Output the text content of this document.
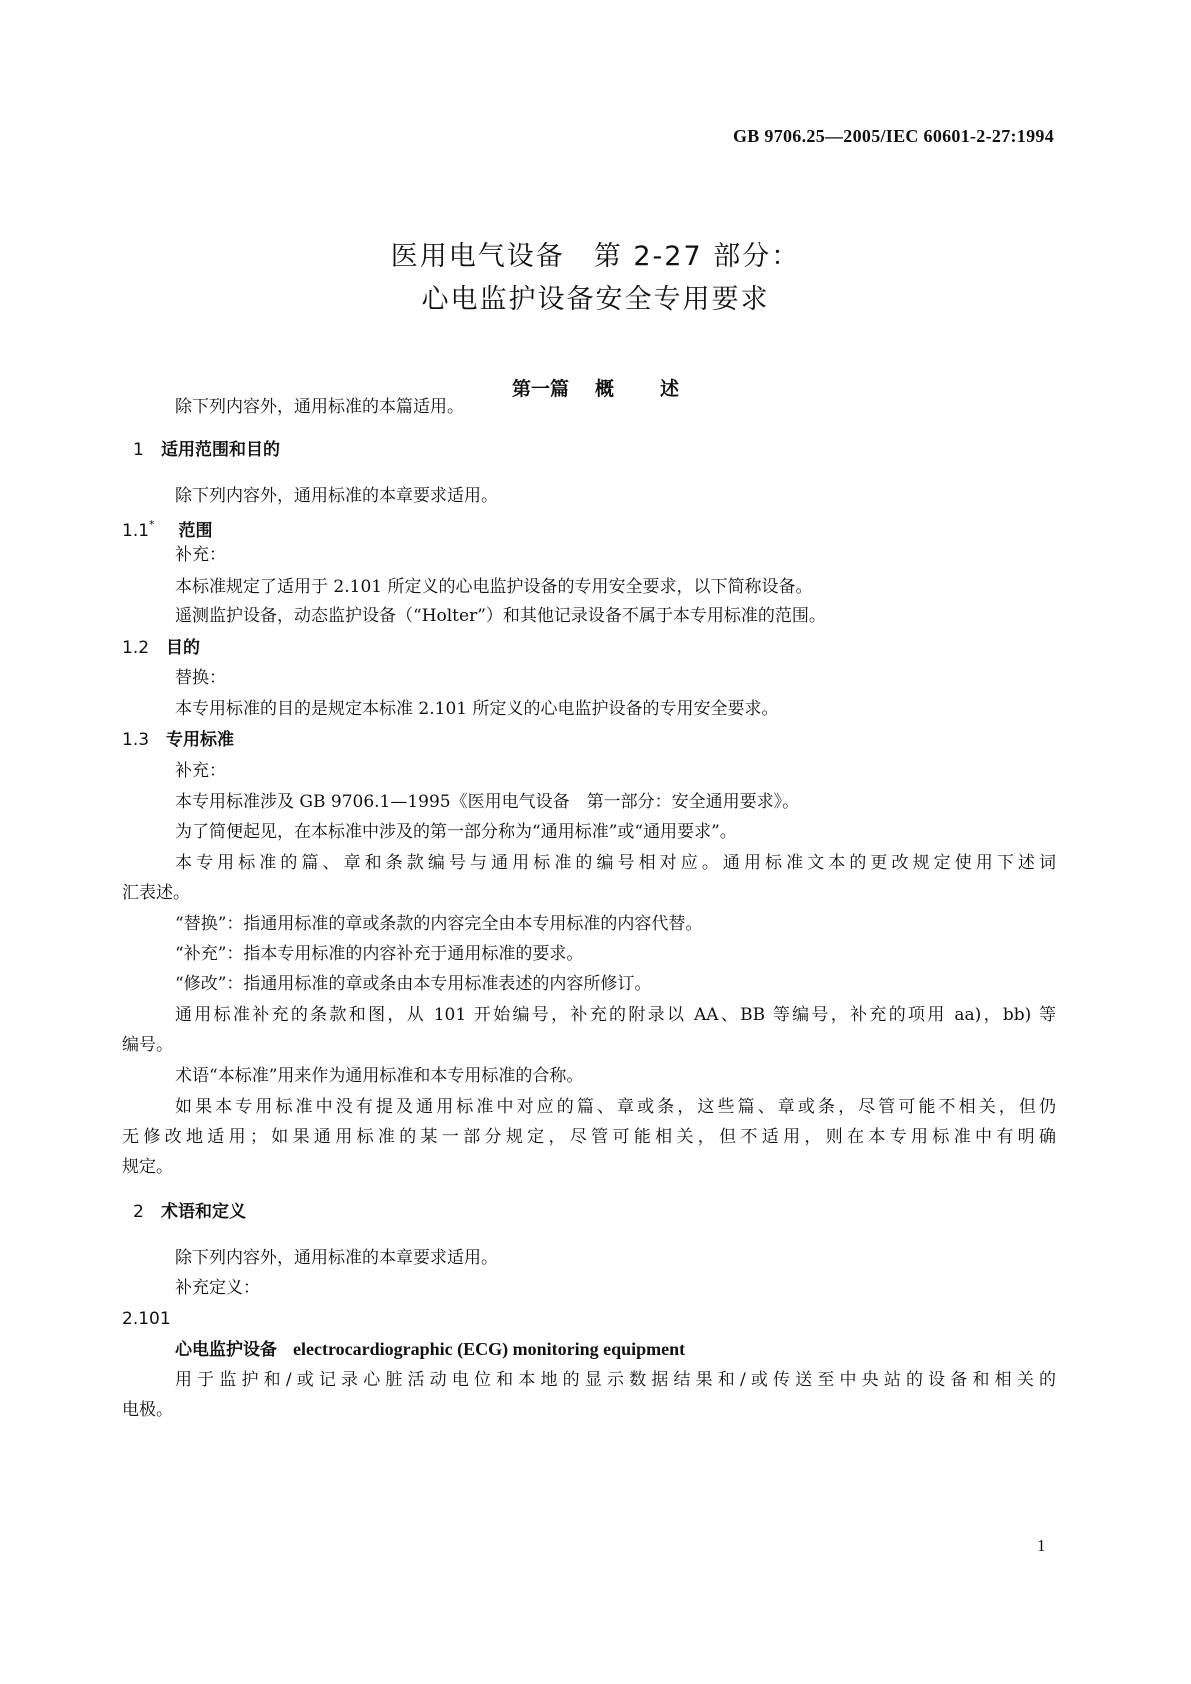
GB 9706.25—2005/IEC 60601-2-27:1994
医用电气设备　第 2-27 部分：
心电监护设备安全专用要求
第一篇 概 述
除下列内容外，通用标准的本篇适用。
1 适用范围和目的
除下列内容外，通用标准的本章要求适用。
1.1* 范围
补充：
本标准规定了适用于 2.101 所定义的心电监护设备的专用安全要求，以下简称设备。
遥测监护设备，动态监护设备（“Holter”）和其他记录设备不属于本专用标准的范围。
1.2 目的
替换：
本专用标准的目的是规定本标准 2.101 所定义的心电监护设备的专用安全要求。
1.3 专用标准
补充：
本专用标准涉及 GB 9706.1—1995《医用电气设备　第一部分：安全通用要求》。
为了简便起见，在本标准中涉及的第一部分称为“通用标准”或“通用要求”。
本专用标准的篇、章和条款编号与通用标准的编号相对应。通用标准文本的更改规定使用下述词
汇表述。
“替换”：指通用标准的章或条款的内容完全由本专用标准的内容代替。
“补充”：指本专用标准的内容补充于通用标准的要求。
“修改”：指通用标准的章或条由本专用标准表述的内容所修订。
通用标准补充的条款和图，从 101 开始编号，补充的附录以 AA、BB 等编号，补充的项用 aa)，bb) 等
编号。
术语“本标准”用来作为通用标准和本专用标准的合称。
如果本专用标准中没有提及通用标准中对应的篇、章或条，这些篇、章或条，尽管可能不相关，但仍
无修改地适用；如果通用标准的某一部分规定，尽管可能相关，但不适用，则在本专用标准中有明确
规定。
2 术语和定义
除下列内容外，通用标准的本章要求适用。
补充定义：
2.101
心电监护设备 electrocardiographic (ECG) monitoring equipment
用于监护和/或记录心脏活动电位和本地的显示数据结果和/或传送至中央站的设备和相关的
电极。
1
